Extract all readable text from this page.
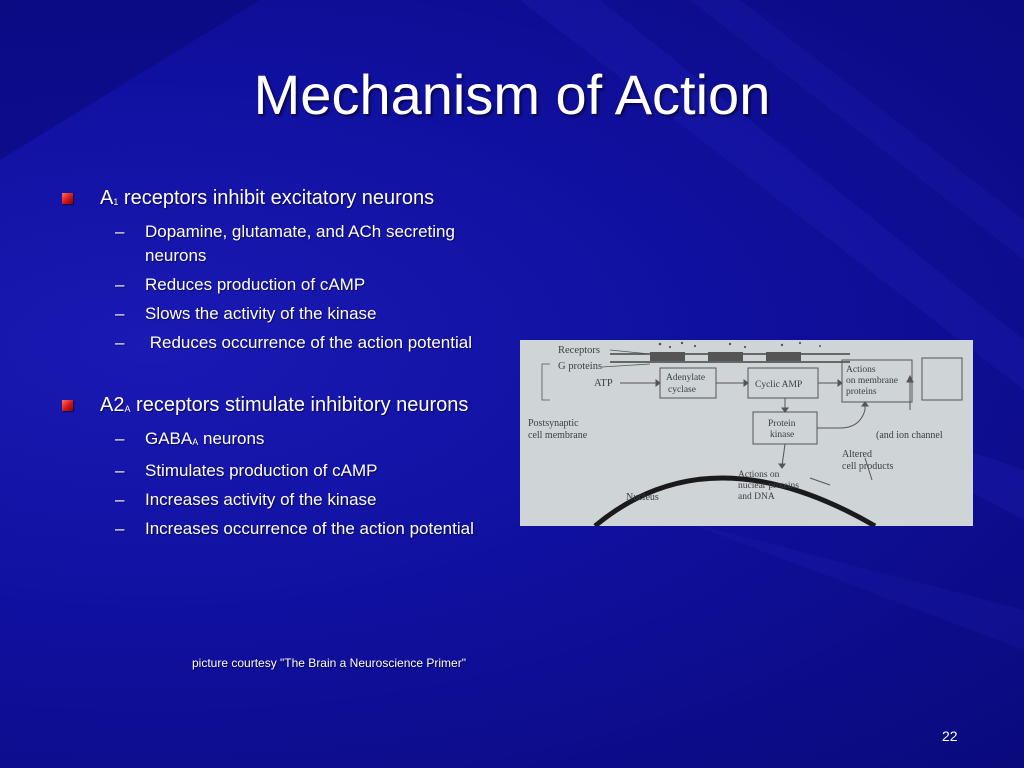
Mechanism of Action
$A_1$ receptors inhibit excitatory neurons
– Dopamine, glutamate, and ACh secreting neurons
– Reduces production of cAMP
– Slows the activity of the kinase
– Reduces occurrence of the action potential
$A2_A$ receptors stimulate inhibitory neurons
– $GABA_A$ neurons
– Stimulates production of cAMP
– Increases activity of the kinase
– Increases occurrence of the action potential
Receptors
G proteins
ATP	Adenylate
cyclase	Cyclic AMP
Actions
on membrane
proteins
Postsynaptic
cell membrane
Protein
kinase	(and ion channel
Altered
cell products
Actions on
nuclear proteins
and DNA
Nucleus
picture courtesy "The Brain a Neuroscience Primer"
22
